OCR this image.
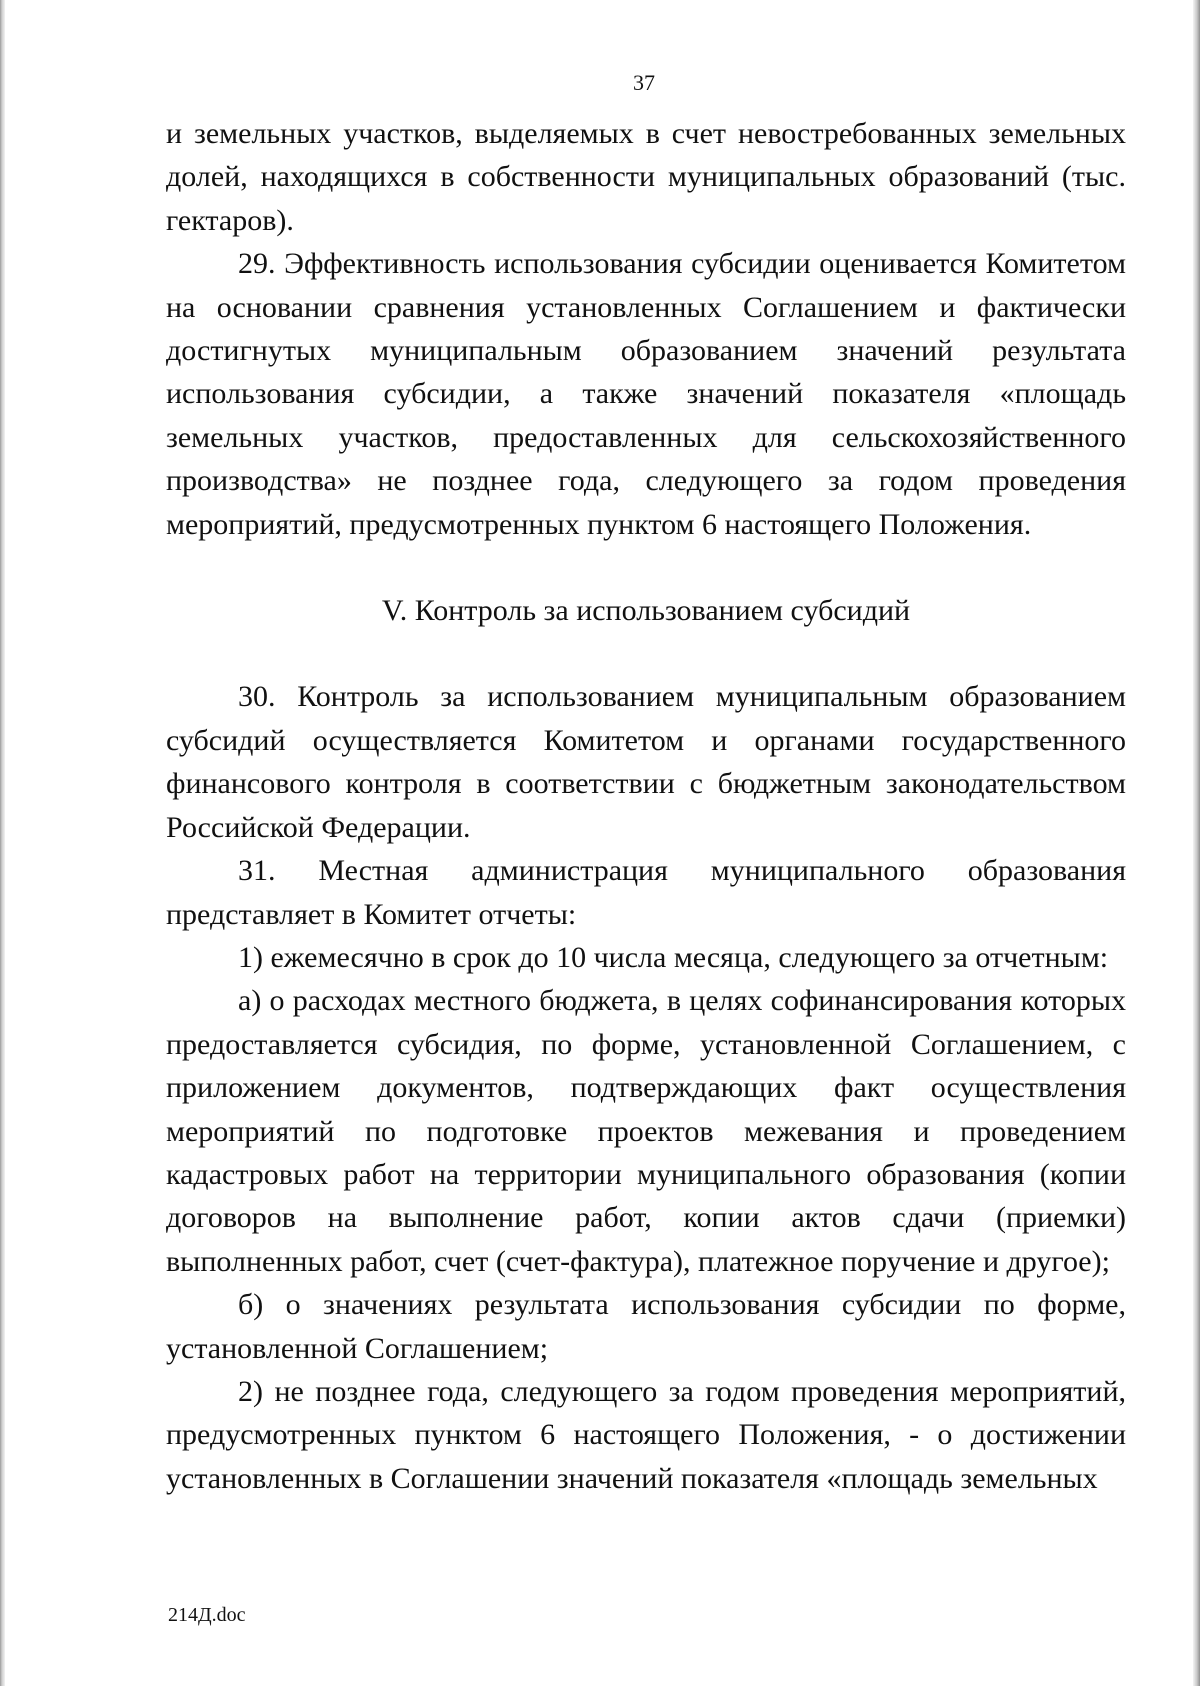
37

и земельных участков, выделяемых в счет невостребованных земельных долей, находящихся в собственности муниципальных образований (тыс. гектаров).

29. Эффективность использования субсидии оценивается Комитетом на основании сравнения установленных Соглашением и фактически достигнутых муниципальным образованием значений результата использования субсидии, а также значений показателя «площадь земельных участков, предоставленных для сельскохозяйственного производства» не позднее года, следующего за годом проведения мероприятий, предусмотренных пунктом 6 настоящего Положения.

V. Контроль за использованием субсидий

30. Контроль за использованием муниципальным образованием субсидий осуществляется Комитетом и органами государственного финансового контроля в соответствии с бюджетным законодательством Российской Федерации.

31. Местная администрация муниципального образования представляет в Комитет отчеты:

1) ежемесячно в срок до 10 числа месяца, следующего за отчетным:

а) о расходах местного бюджета, в целях софинансирования которых предоставляется субсидия, по форме, установленной Соглашением, с приложением документов, подтверждающих факт осуществления мероприятий по подготовке проектов межевания и проведением кадастровых работ на территории муниципального образования (копии договоров на выполнение работ, копии актов сдачи (приемки) выполненных работ, счет (счет-фактура), платежное поручение и другое);

б) о значениях результата использования субсидии по форме, установленной Соглашением;

2) не позднее года, следующего за годом проведения мероприятий, предусмотренных пунктом 6 настоящего Положения, - о достижении установленных в Соглашении значений показателя «площадь земельных

214Д.doc
